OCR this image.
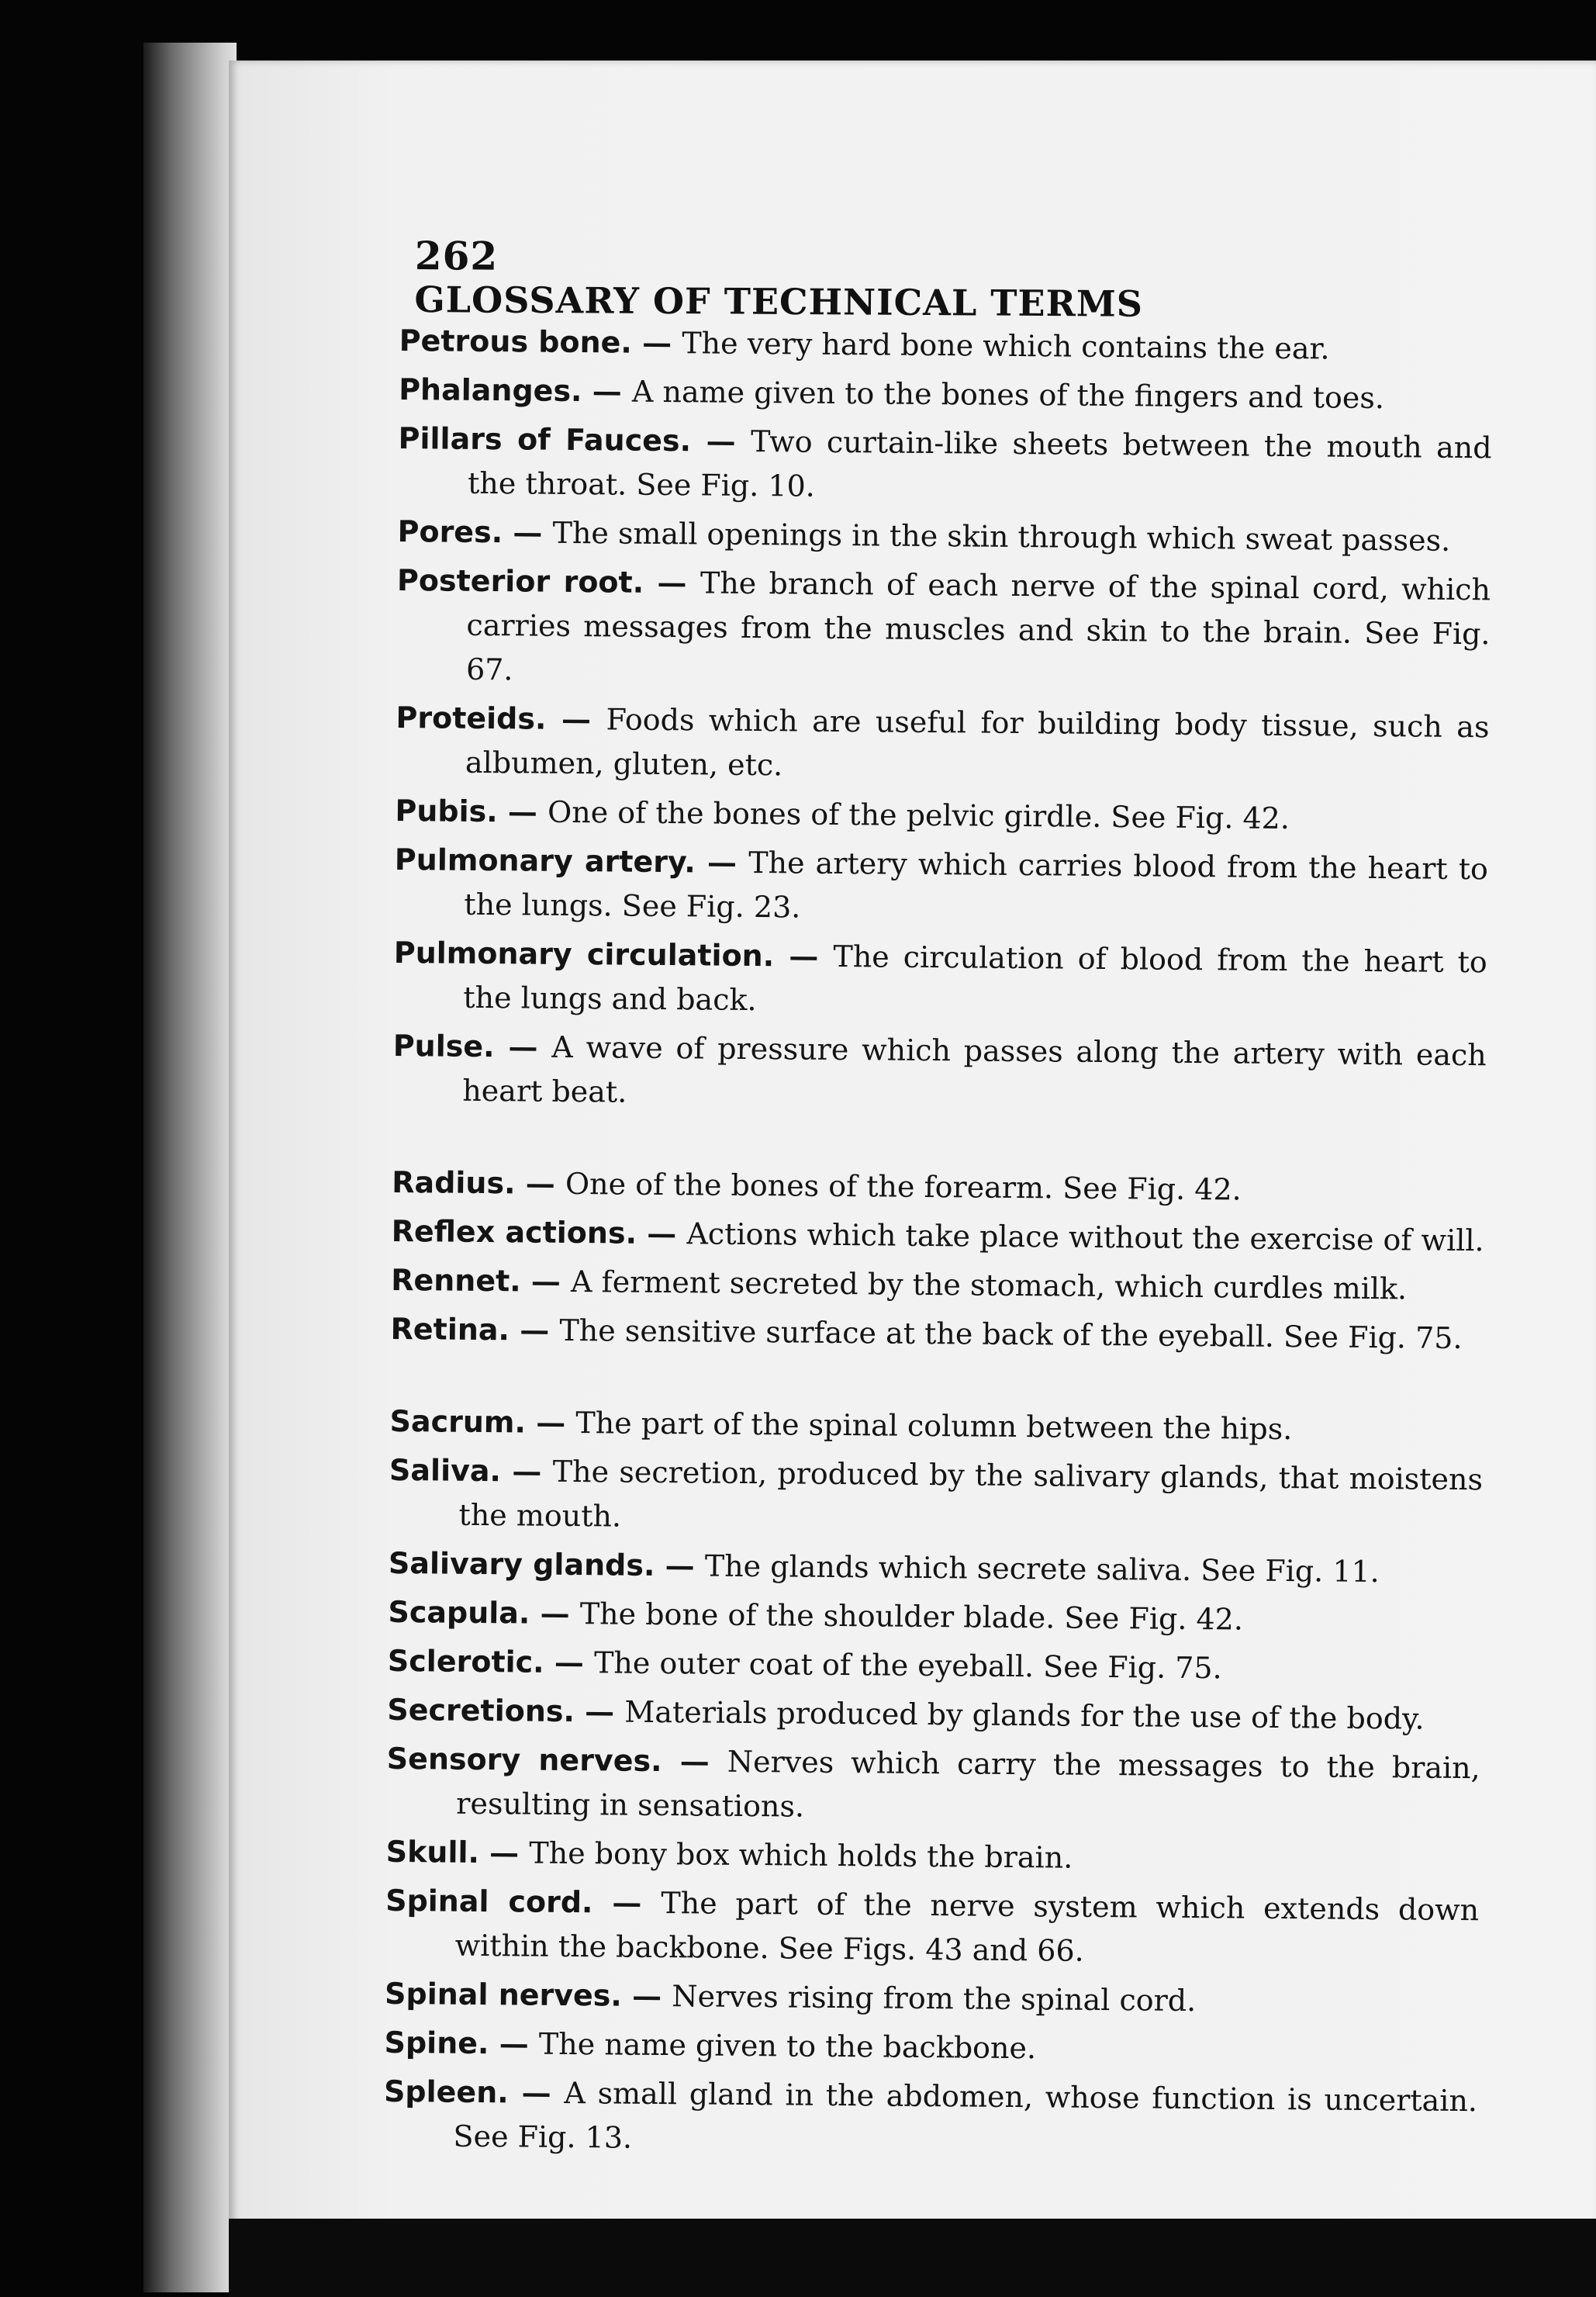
262 GLOSSARY OF TECHNICAL TERMS

Petrous bone. — The very hard bone which contains the ear.

Phalanges. — A name given to the bones of the fingers and toes.

Pillars of Fauces. — Two curtain-like sheets between the mouth and the throat. See Fig. 10.

Pores. — The small openings in the skin through which sweat passes.

Posterior root. — The branch of each nerve of the spinal cord, which carries messages from the muscles and skin to the brain. See Fig. 67.

Proteids. — Foods which are useful for building body tissue, such as albumen, gluten, etc.

Pubis. — One of the bones of the pelvic girdle. See Fig. 42.

Pulmonary artery. — The artery which carries blood from the heart to the lungs. See Fig. 23.

Pulmonary circulation. — The circulation of blood from the heart to the lungs and back.

Pulse. — A wave of pressure which passes along the artery with each heart beat.

Radius. — One of the bones of the forearm. See Fig. 42.

Reflex actions. — Actions which take place without the exercise of will.

Rennet. — A ferment secreted by the stomach, which curdles milk.

Retina. — The sensitive surface at the back of the eyeball. See Fig. 75.

Sacrum. — The part of the spinal column between the hips.

Saliva. — The secretion, produced by the salivary glands, that moistens the mouth.

Salivary glands. — The glands which secrete saliva. See Fig. 11.

Scapula. — The bone of the shoulder blade. See Fig. 42.

Sclerotic. — The outer coat of the eyeball. See Fig. 75.

Secretions. — Materials produced by glands for the use of the body.

Sensory nerves. — Nerves which carry the messages to the brain, resulting in sensations.

Skull. — The bony box which holds the brain.

Spinal cord. — The part of the nerve system which extends down within the backbone. See Figs. 43 and 66.

Spinal nerves. — Nerves rising from the spinal cord.

Spine. — The name given to the backbone.

Spleen. — A small gland in the abdomen, whose function is uncertain. See Fig. 13.
